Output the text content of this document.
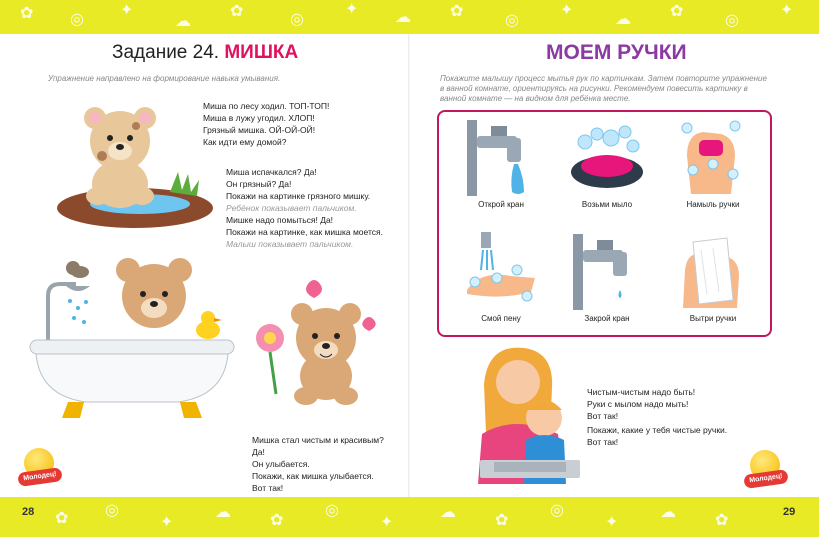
✿ ◎
✦
☁
✿	◎
✦ ☁ ✿
◎
✦
☁ ✿
◎
✦
✿ ◎
✦
☁ ✿
◎
✦
☁ ✿
◎
✦
☁ ✿
28	29
Задание 24. МИШКА
Упражнение направлено на формирование навыка умывания.
Миша по лесу ходил. ТОП-ТОП!
Миша в лужу угодил. ХЛОП!
Грязный мишка. ОЙ-ОЙ-ОЙ!
Как идти ему домой?
Миша испачкался? Да!
Он грязный? Да!
Покажи на картинке грязного мишку.
Ребёнок показывает пальчиком.
Мишке надо помыться! Да!
Покажи на картинке, как мишка моется.
Малыш показывает пальчиком.
Мишка стал чистым и красивым?
Да!
Он улыбается.
Покажи, как мишка улыбается.
Вот так!
Молодец!
МОЕМ РУЧКИ
Покажите малышу процесс мытья рук по картинкам. Затем повторите упражнение в ванной комнате, ориентируясь на рисунки. Рекомендуем повесить картинку в ванной комнате — на видном для ребёнка месте.
Открой кран	Возьми мыло	Намыль ручки
Смой пену	Закрой кран	Вытри ручки
Чистым-чистым надо быть!
Руки с мылом надо мыть!
Вот так!
Покажи, какие у тебя чистые ручки.
Вот так!
Молодец!
